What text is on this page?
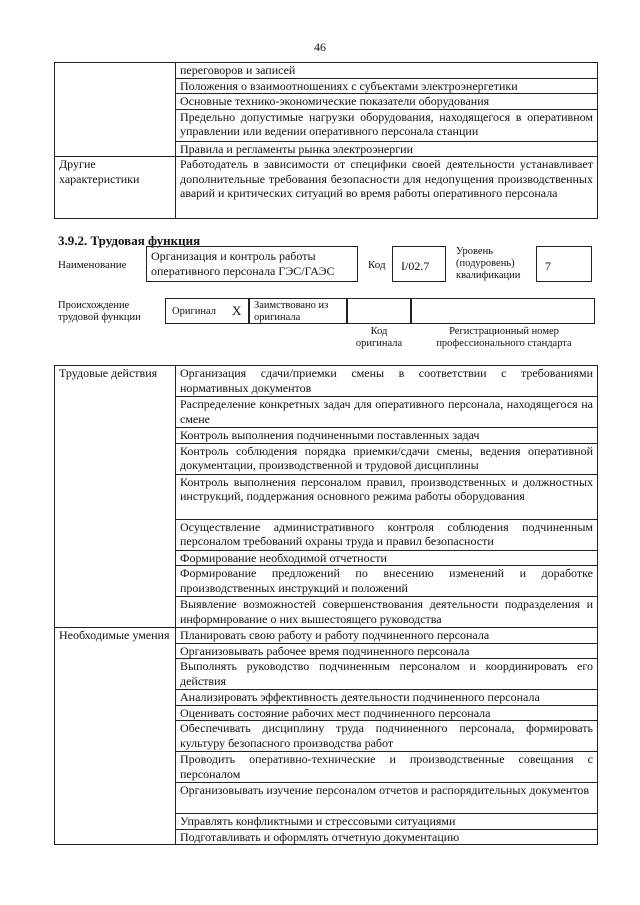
46
	переговоров и записей
	Положения о взаимоотношениях с субъектами электроэнергетики
	Основные технико-экономические показатели оборудования
	Предельно допустимые нагрузки оборудования, находящегося в оперативном управлении или ведении оперативного персонала станции
	Правила и регламенты рынка электроэнергии
Другие характеристики	Работодатель в зависимости от специфики своей деятельности устанавливает дополнительные требования безопасности для недопущения производственных аварий и критических ситуаций во время работы оперативного персонала
3.9.2. Трудовая функция
Наименование
Организация и контроль работы оперативного персонала ГЭС/ГАЭС	Код	I/02.7
Уровень (подуровень) квалификации
7
Происхождение трудовой функции
Оригинал X Заимствовано из оригинала
Код оригинала
Регистрационный номер профессионального стандарта
Трудовые действия	Организация сдачи/приемки смены в соответствии с требованиями нормативных документов
	Распределение конкретных задач для оперативного персонала, находящегося на смене
	Контроль выполнения подчиненными поставленных задач
	Контроль соблюдения порядка приемки/сдачи смены, ведения оперативной документации, производственной и трудовой дисциплины
	Контроль выполнения персоналом правил, производственных и должностных инструкций, поддержания основного режима работы оборудования
	Осуществление административного контроля соблюдения подчиненным персоналом требований охраны труда и правил безопасности
	Формирование необходимой отчетности
	Формирование предложений по внесению изменений и доработке производственных инструкций и положений
	Выявление возможностей совершенствования деятельности подразделения и информирование о них вышестоящего руководства
Необходимые умения	Планировать свою работу и работу подчиненного персонала
	Организовывать рабочее время подчиненного персонала
	Выполнять руководство подчиненным персоналом и координировать его действия
	Анализировать эффективность деятельности подчиненного персонала
	Оценивать состояние рабочих мест подчиненного персонала
	Обеспечивать дисциплину труда подчиненного персонала, формировать культуру безопасного производства работ
	Проводить оперативно-технические и производственные совещания с персоналом
	Организовывать изучение персоналом отчетов и распорядительных документов
	Управлять конфликтными и стрессовыми ситуациями
	Подготавливать и оформлять отчетную документацию
